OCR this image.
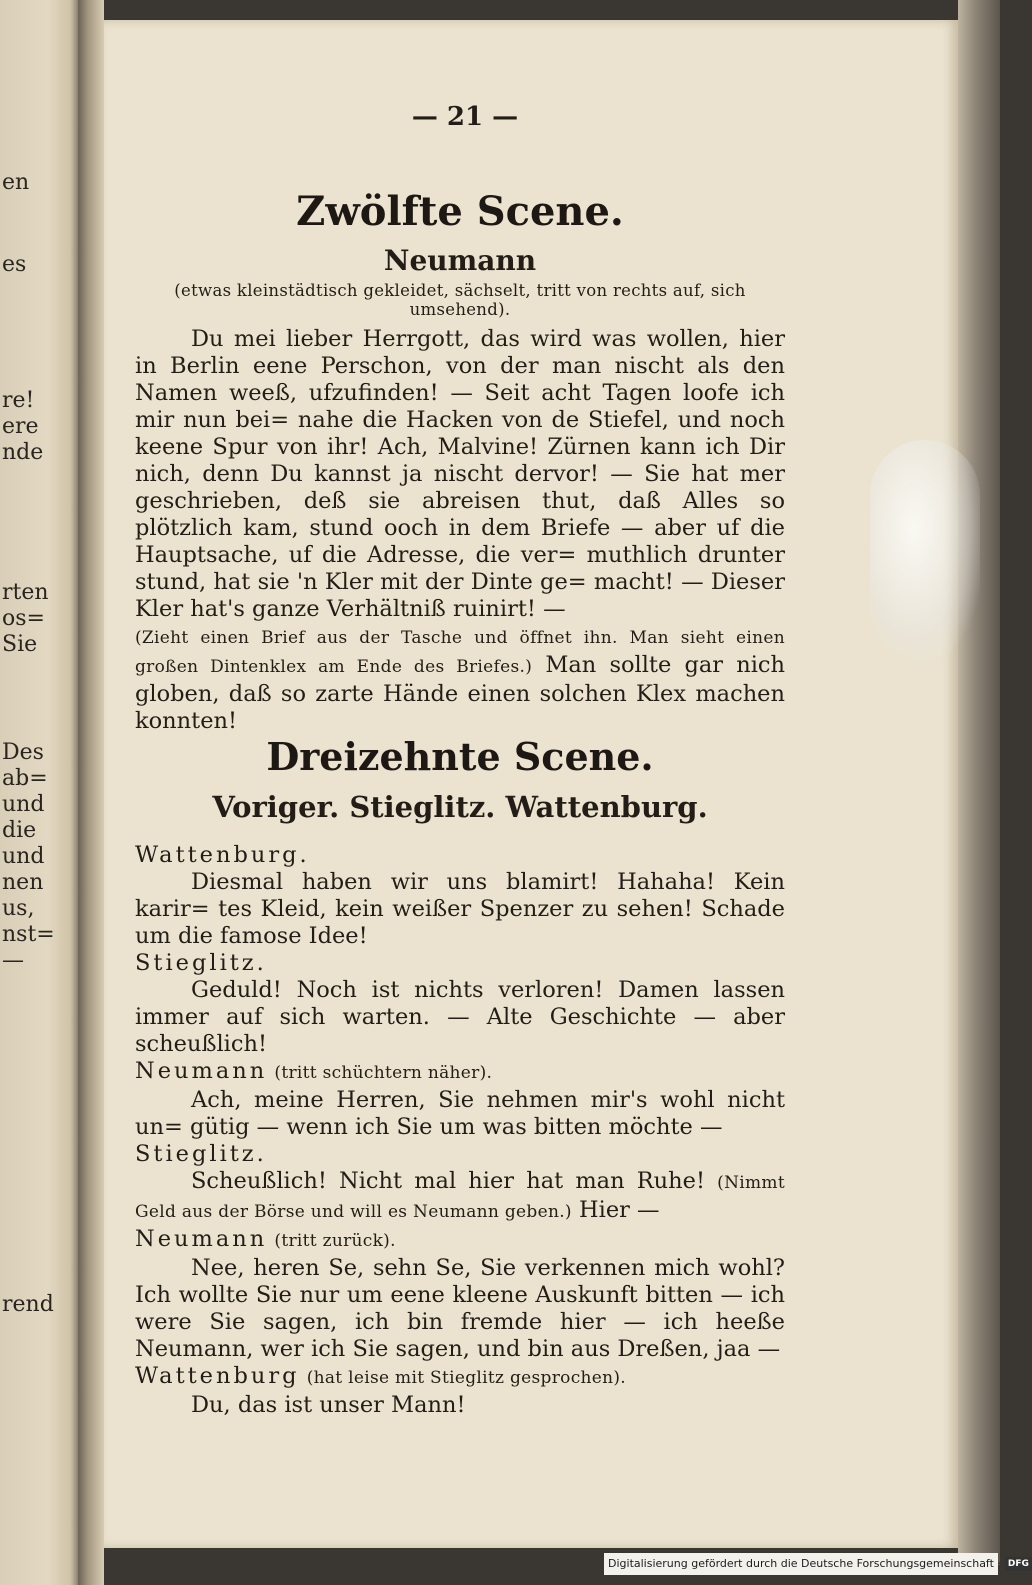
en
es
re!
ere
nde
rten
os=
Sie
Des
ab=
und
die
und
nen
us,
nst=
—
rend
— 21 —
Zwölfte Scene.
Neumann
(etwas kleinstädtisch gekleidet, sächselt, tritt von rechts auf, sich umsehend).

Du mei lieber Herrgott, das wird was wollen, hier in Berlin eene Perschon, von der man nischt als den Namen weeß, ufzufinden! — Seit acht Tagen loofe ich mir nun bei= nahe die Hacken von de Stiefel, und noch keene Spur von ihr! Ach, Malvine! Zürnen kann ich Dir nich, denn Du kannst ja nischt dervor! — Sie hat mer geschrieben, deß sie abreisen thut, daß Alles so plötzlich kam, stund ooch in dem Briefe — aber uf die Hauptsache, uf die Adresse, die ver= muthlich drunter stund, hat sie 'n Kler mit der Dinte ge= macht! — Dieser Kler hat's ganze Verhältniß ruinirt! —

(Zieht einen Brief aus der Tasche und öffnet ihn. Man sieht einen großen Dintenklex am Ende des Briefes.) Man sollte gar nich globen, daß so zarte Hände einen solchen Klex machen konnten!

Dreizehnte Scene.
Voriger. Stieglitz. Wattenburg.
Wattenburg.

Diesmal haben wir uns blamirt! Hahaha! Kein karir= tes Kleid, kein weißer Spenzer zu sehen! Schade um die famose Idee!

Stieglitz.

Geduld! Noch ist nichts verloren! Damen lassen immer auf sich warten. — Alte Geschichte — aber scheußlich!

Neumann (tritt schüchtern näher).

Ach, meine Herren, Sie nehmen mir's wohl nicht un= gütig — wenn ich Sie um was bitten möchte —

Stieglitz.

Scheußlich! Nicht mal hier hat man Ruhe! (Nimmt Geld aus der Börse und will es Neumann geben.) Hier —

Neumann (tritt zurück).

Nee, heren Se, sehn Se, Sie verkennen mich wohl? Ich wollte Sie nur um eene kleene Auskunft bitten — ich were Sie sagen, ich bin fremde hier — ich heeße Neumann, wer ich Sie sagen, und bin aus Dreßen, jaa —

Wattenburg (hat leise mit Stieglitz gesprochen).

Du, das ist unser Mann!

Digitalisierung gefördert durch die Deutsche Forschungsgemeinschaft · DFG
